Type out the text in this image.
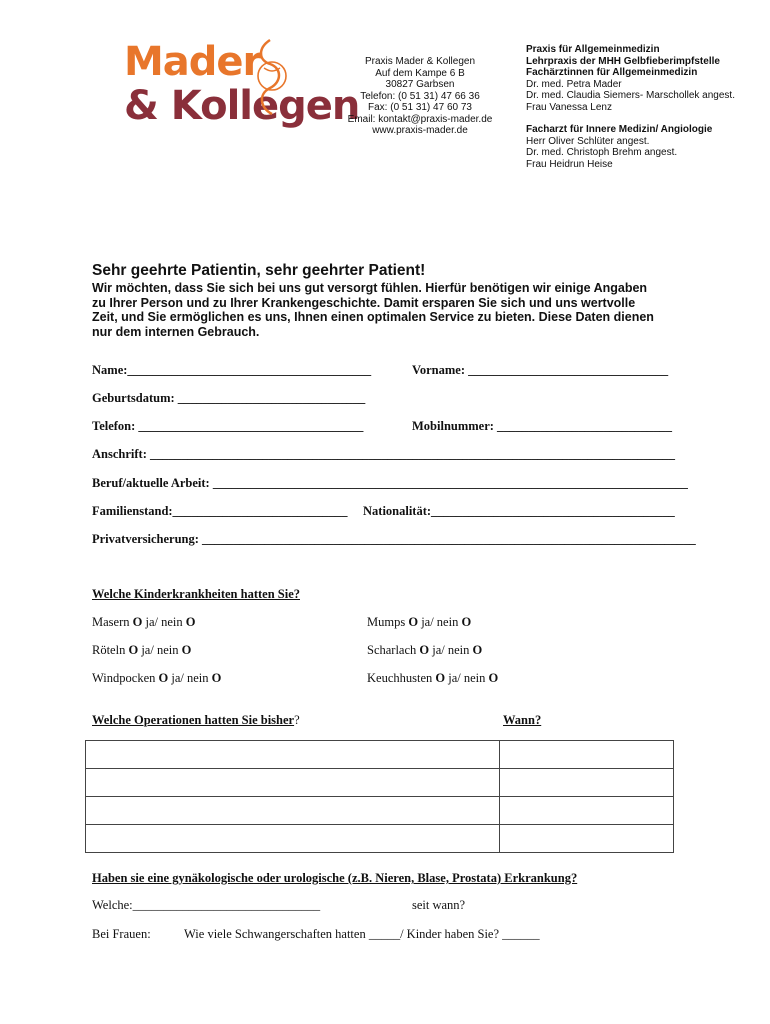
Mader
& Kollegen
Praxis Mader & Kollegen
Auf dem Kampe 6 B
30827 Garbsen
Telefon: (0 51 31) 47 66 36
Fax: (0 51 31) 47 60 73
Email: kontakt@praxis-mader.de
www.praxis-mader.de
Praxis für Allgemeinmedizin
Lehrpraxis der MHH Gelbfieberimpfstelle
Fachärztinnen für Allgemeinmedizin
Dr. med. Petra Mader
Dr. med. Claudia Siemers- Marschollek angest.
Frau Vanessa Lenz
Facharzt für Innere Medizin/ Angiologie
Herr Oliver Schlüter angest.
Dr. med. Christoph Brehm angest.
Frau Heidrun Heise
Sehr geehrte Patientin, sehr geehrter Patient!
Wir möchten, dass Sie sich bei uns gut versorgt fühlen. Hierfür benötigen wir einige Angaben
zu Ihrer Person und zu Ihrer Krankengeschichte. Damit ersparen Sie sich und uns wertvolle
Zeit, und Sie ermöglichen es uns, Ihnen einen optimalen Service zu bieten. Diese Daten dienen
nur dem internen Gebrauch.
Name:_______________________________________	Vorname: ________________________________
Geburtsdatum: ______________________________
Telefon: ____________________________________	Mobilnummer: ____________________________
Anschrift: ____________________________________________________________________________________
Beruf/aktuelle Arbeit: ____________________________________________________________________________
Familienstand:____________________________ Nationalität:_______________________________________
Privatversicherung: _______________________________________________________________________________
Welche Kinderkrankheiten hatten Sie?
Masern O ja/ nein O	Mumps O ja/ nein O
Röteln O ja/ nein O	Scharlach O ja/ nein O
Windpocken O ja/ nein O	Keuchhusten O ja/ nein O
Welche Operationen hatten Sie bisher?	Wann?

Haben sie eine gynäkologische oder urologische (z.B. Nieren, Blase, Prostata) Erkrankung?
Welche:______________________________	seit wann?
Bei Frauen:	Wie viele Schwangerschaften hatten _____/ Kinder haben Sie? ______
